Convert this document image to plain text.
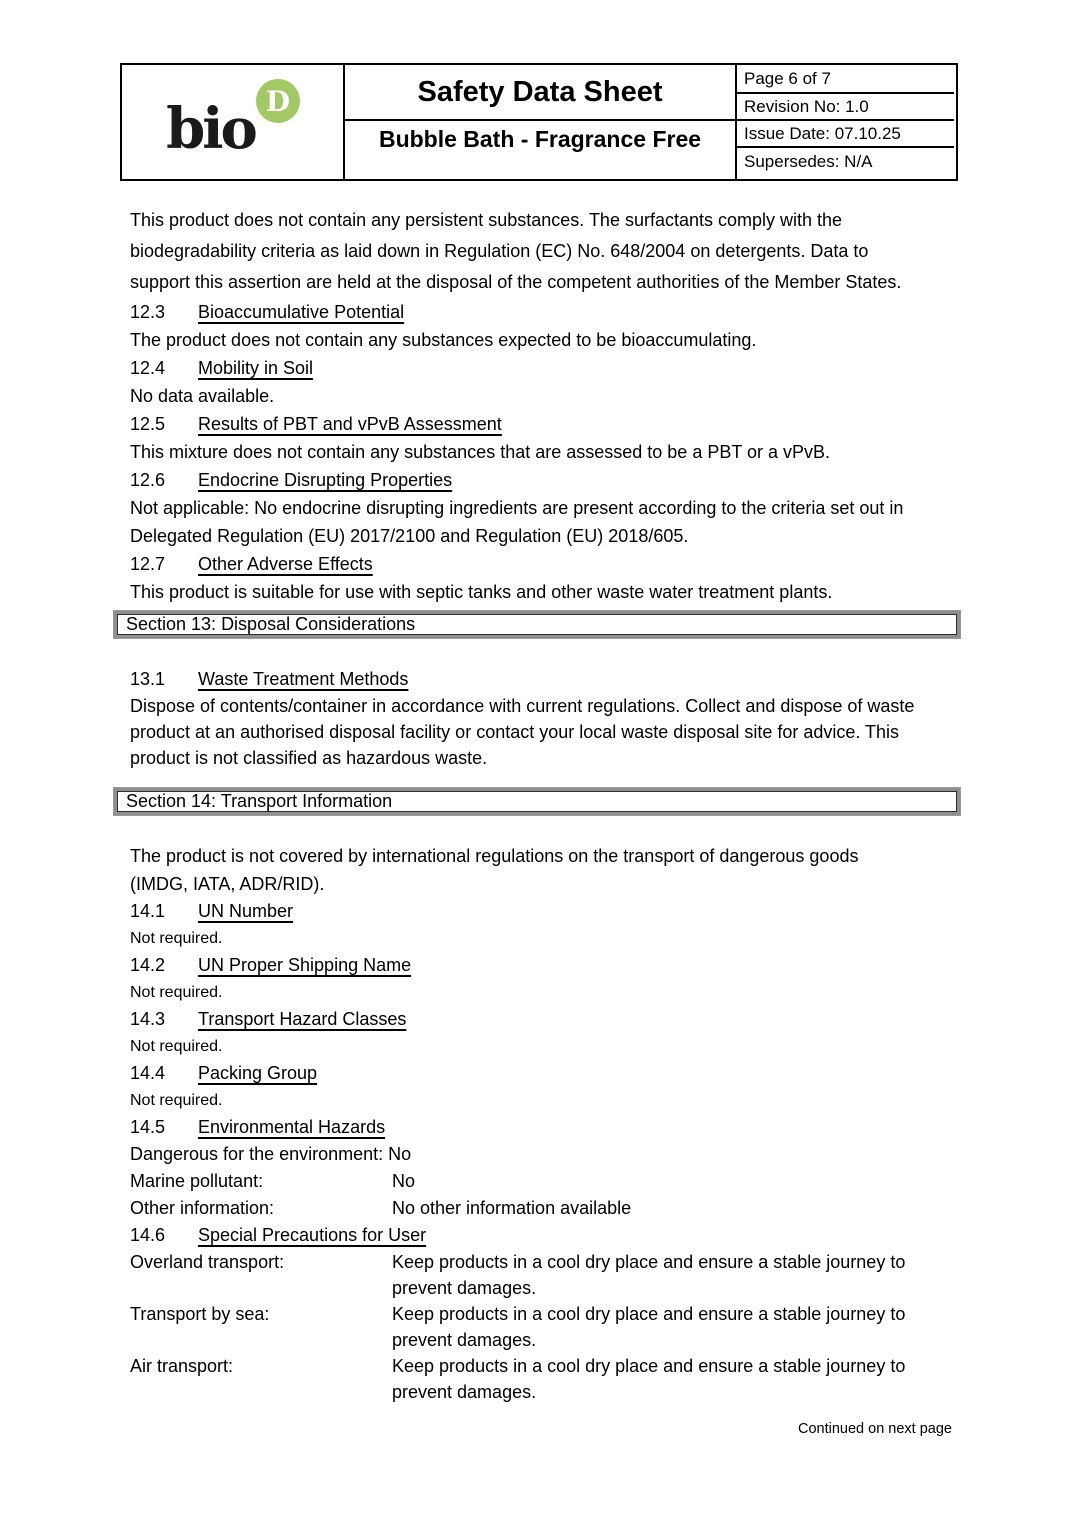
bio D	Safety Data Sheet
Bubble Bath - Fragrance Free
Page 6 of 7
Revision No: 1.0
Issue Date: 07.10.25
Supersedes: N/A
This product does not contain any persistent substances. The surfactants comply with the
biodegradability criteria as laid down in Regulation (EC) No. 648/2004 on detergents. Data to
support this assertion are held at the disposal of the competent authorities of the Member States.
12.3	Bioaccumulative Potential
The product does not contain any substances expected to be bioaccumulating.
12.4	Mobility in Soil
No data available.
12.5	Results of PBT and vPvB Assessment
This mixture does not contain any substances that are assessed to be a PBT or a vPvB.
12.6	Endocrine Disrupting Properties
Not applicable: No endocrine disrupting ingredients are present according to the criteria set out in
Delegated Regulation (EU) 2017/2100 and Regulation (EU) 2018/605.
12.7	Other Adverse Effects
This product is suitable for use with septic tanks and other waste water treatment plants.
Section 13: Disposal Considerations
13.1	Waste Treatment Methods
Dispose of contents/container in accordance with current regulations. Collect and dispose of waste
product at an authorised disposal facility or contact your local waste disposal site for advice. This
product is not classified as hazardous waste.
Section 14: Transport Information
The product is not covered by international regulations on the transport of dangerous goods
(IMDG, IATA, ADR/RID).
14.1	UN Number
Not required.
14.2	UN Proper Shipping Name
Not required.
14.3	Transport Hazard Classes
Not required.
14.4	Packing Group
Not required.
14.5	Environmental Hazards
Dangerous for the environment: No
Marine pollutant:	No
Other information:	No other information available
14.6	Special Precautions for User
Overland transport:	Keep products in a cool dry place and ensure a stable journey to
prevent damages.
Transport by sea:	Keep products in a cool dry place and ensure a stable journey to
prevent damages.
Air transport:	Keep products in a cool dry place and ensure a stable journey to
prevent damages.
Continued on next page
